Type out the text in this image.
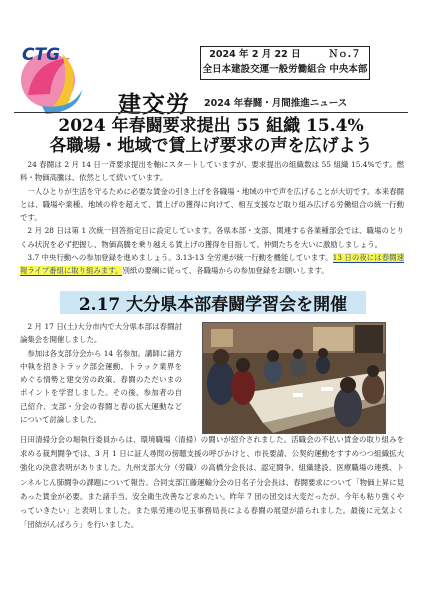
CTG	2024 年 2 月 22 日	Ｎｏ.７
全日本建設交運一般労働組合 中央本部
建交労 2024 年春闘・月間推進ニュース
2024 年春闘要求提出 55 組織 15.4%
各職場・地域で賃上げ要求の声を広げよう

24 春闘は 2 月 14 日一斉要求提出を軸にスタートしていますが、要求提出の組織数は 55 組織 15.4%です。燃料・物価高騰は、依然として続いています。

一人ひとりが生活を守るために必要な賃金の引き上げを各職場・地域の中で声を広げることが大切です。本来春闘とは、職場や業種、地域の枠を超えて、賃上げの獲得に向けて、相互支援など取り組み広げる労働組合の統一行動です。

2 月 28 日は第 1 次統一回答指定日に設定しています。各県本部・支部、関連する各業種部会では、職場のとりくみ状況を必ず把握し、物価高騰を乗り越える賃上げの獲得を目指して、仲間たちを大いに激励しましょう。

3.7 中央行動への参加登録を進めましょう。3.13-13 全労連が統一行動を機能しています。13 日の夜には春闘速報ライブ番組に取り組みます。別紙の要綱に従って、各職場からの参加登録をお願いします。

2.17 大分県本部春闘学習会を開催

2 月 17 日(土)大分市内で大分県本部は春闘討論集会を開催しました。

参加は各支部分会から 14 名参加。講師に諸方中執を招きトラック部会運動、トラック業界をめぐる情勢と建交労の政策、春闘のただいまのポイントを学習しました。その後、参加者の自己紹介、支部・分会の春闘と春の拡大運動などについて討論しました。

日田清掃分会の堀執行委員からは、環境職場（清掃）の闘いが紹介されました。活職会の不払い賃金の取り組みを求める裁判闘争では、3 月 1 日に証人尋問の傍聴支援の呼びかけと、市長要請、公契約運動をすすめつつ組織拡大強化の決意表明がありました。九州支部大分（労職）の高橋分会長は、認定闘争、組織建設、医療職場の連携、トンネルじん肺闘争の課題について報告。合同支部江藤運輸分会の日名子分会長は、春闘要求について「物価上昇に見あった賃金が必要。また諸手当、安全衛生改善など求めたい。昨年 7 団の団交は大変だったが、今年も粘り強くやっていきたい」と表明しました。また県労連の児玉事務局長による春闘の展望が語られました。最後に元気よく「団結がんばろう」を行いました。
